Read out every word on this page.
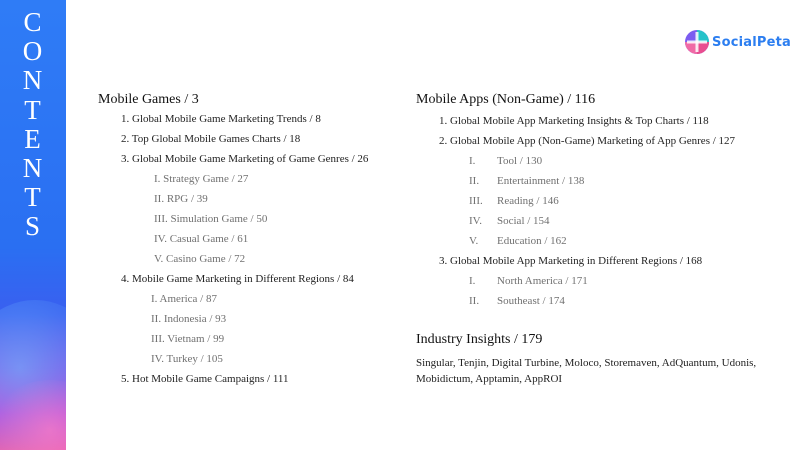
C
O
N
T
E
N
T
S
SocialPeta
Mobile Games / 3
1. Global Mobile Game Marketing Trends / 8
2. Top Global Mobile Games Charts / 18
3. Global Mobile Game Marketing of Game Genres / 26
I. Strategy Game / 27
II. RPG / 39
III. Simulation Game / 50
IV. Casual Game / 61
V. Casino Game / 72
4. Mobile Game Marketing in Different Regions / 84
I. America / 87
II. Indonesia / 93
III. Vietnam / 99
IV. Turkey / 105
5. Hot Mobile Game Campaigns / 111
Mobile Apps (Non-Game) / 116
1. Global Mobile App Marketing Insights & Top Charts / 118
2. Global Mobile App (Non-Game) Marketing of App Genres / 127
I. Tool / 130
II. Entertainment / 138
III. Reading / 146
IV. Social / 154
V. Education / 162
3. Global Mobile App Marketing in Different Regions / 168
I. North America / 171
II. Southeast / 174
Industry Insights / 179
Singular, Tenjin, Digital Turbine, Moloco, Storemaven, AdQuantum, Udonis, Mobidictum, Apptamin, AppROI
